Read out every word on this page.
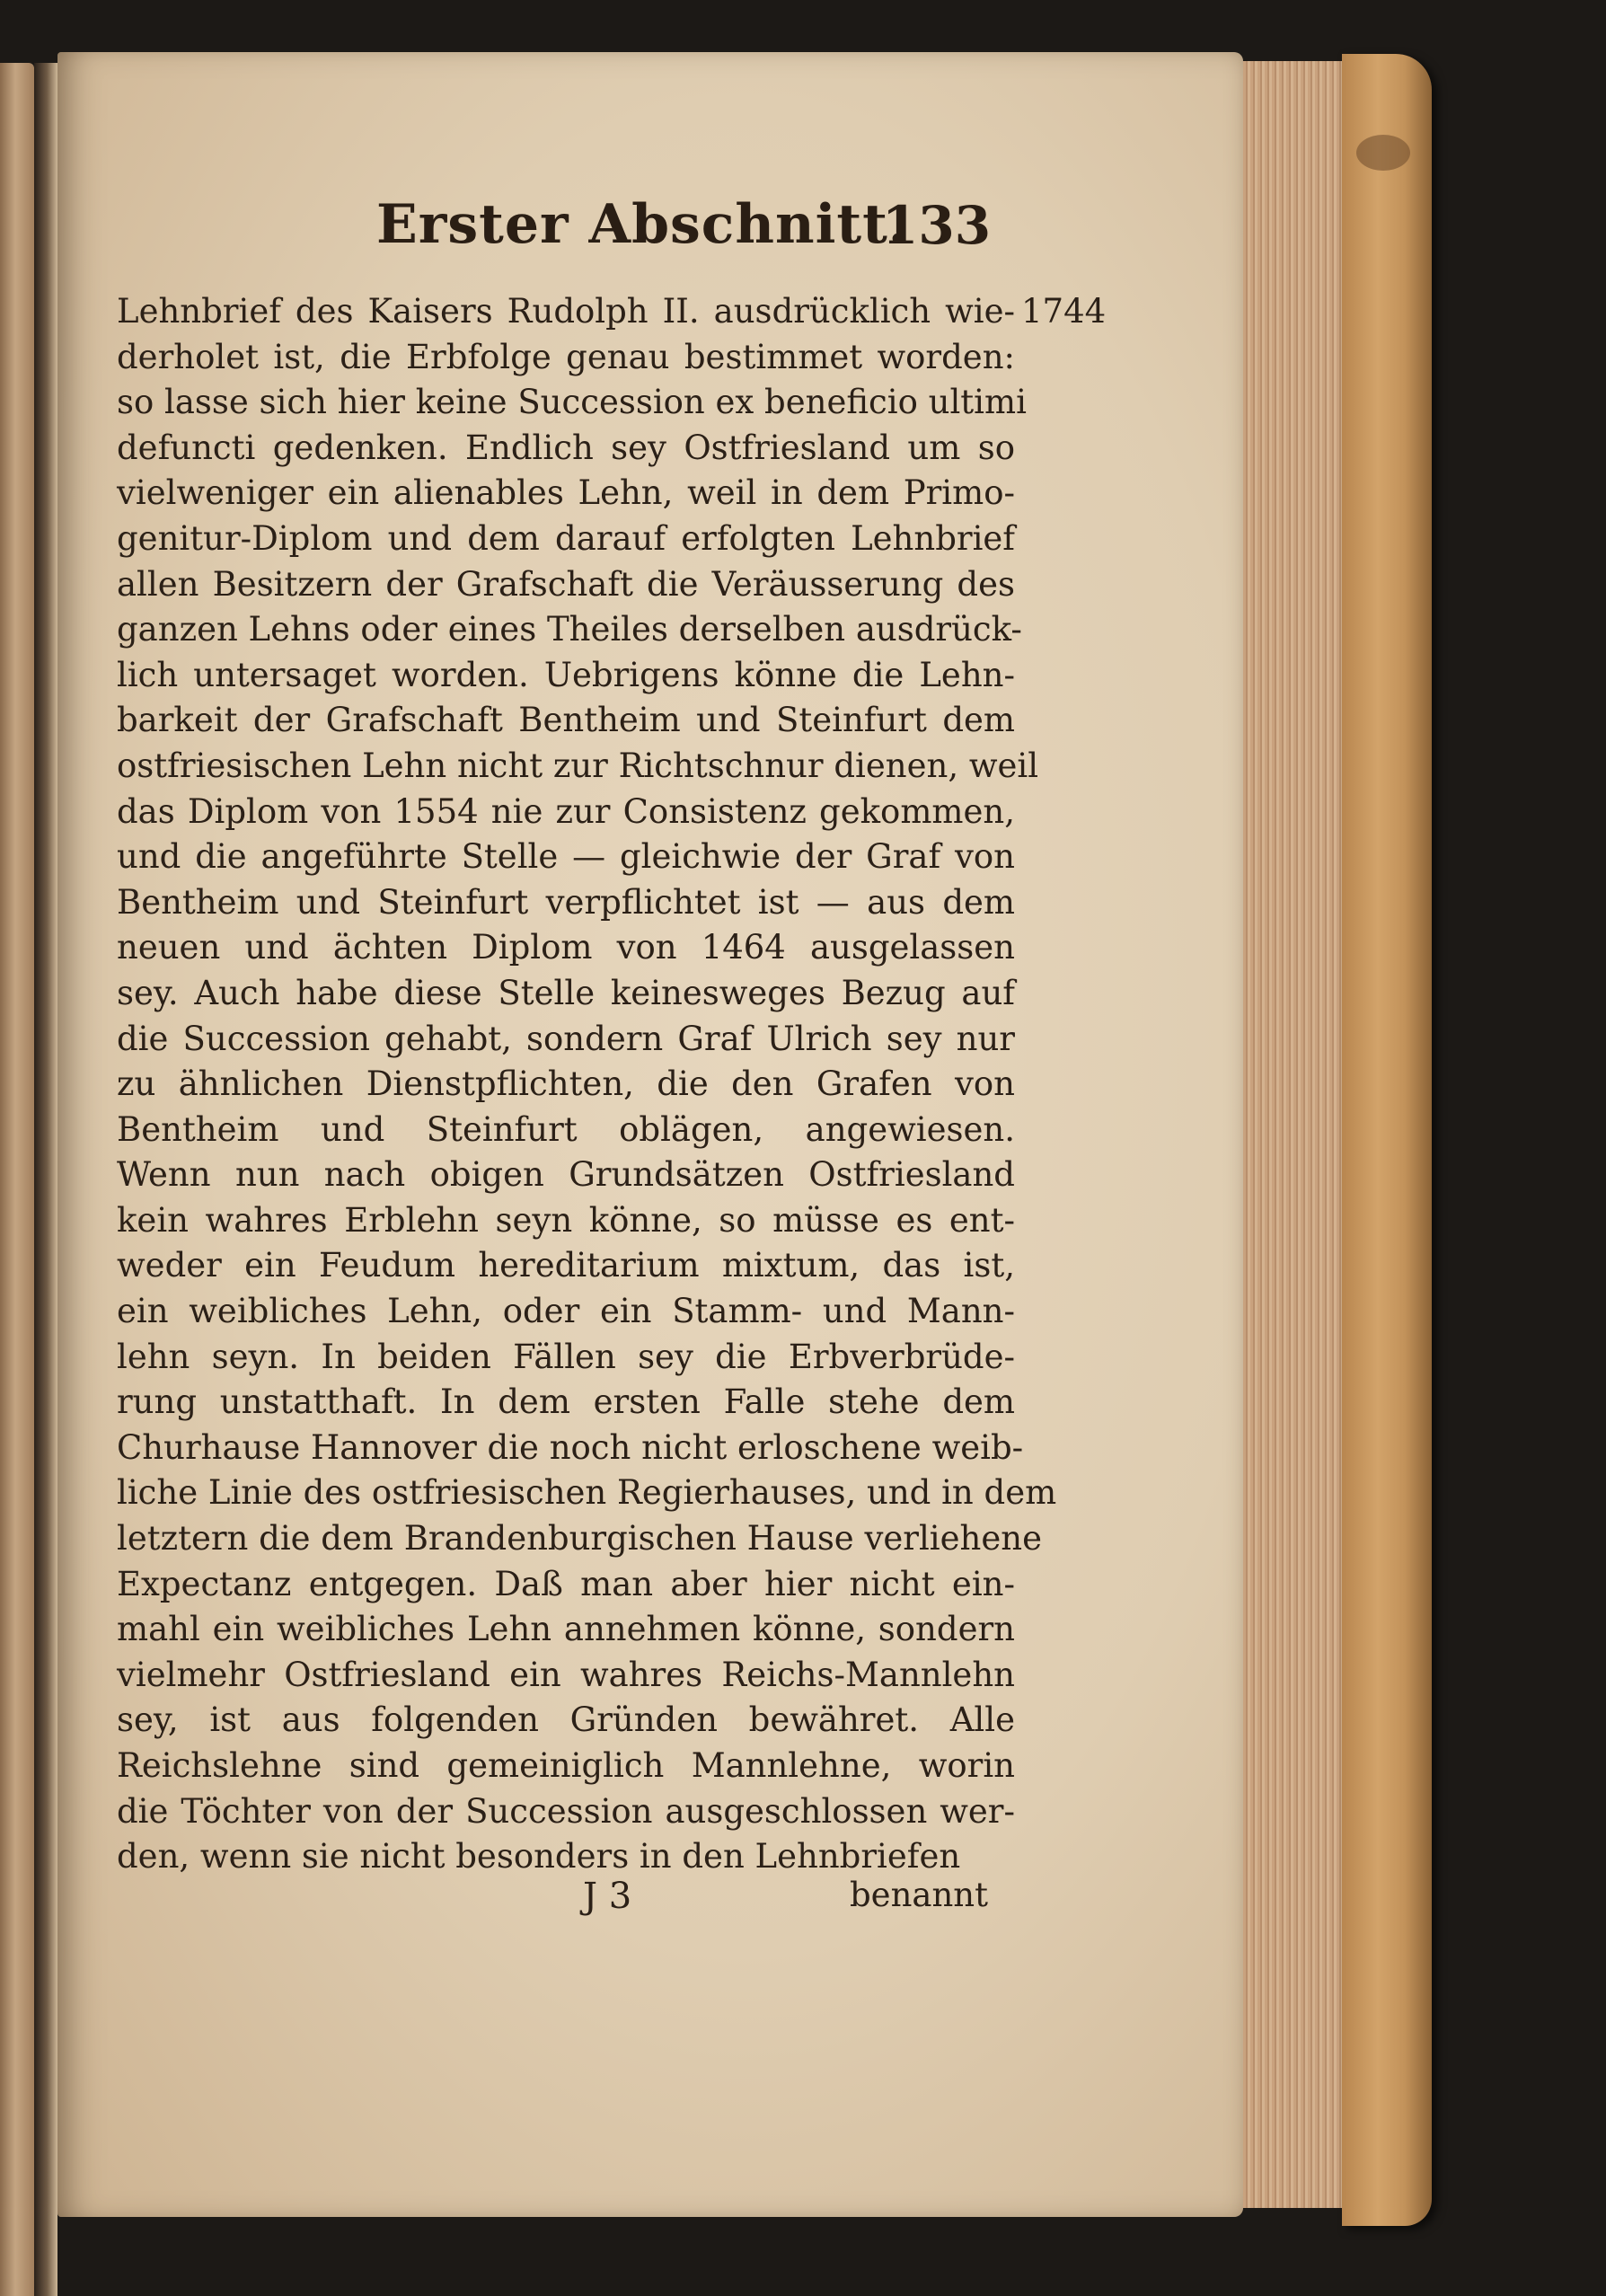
Erster Abschnitt.
133
Lehnbrief des Kaisers Rudolph II. ausdrücklich wie-
derholet ist, die Erbfolge genau bestimmet worden:
so lasse sich hier keine Succession ex beneficio ultimi
defuncti gedenken. Endlich sey Ostfriesland um so
vielweniger ein alienables Lehn, weil in dem Primo-
genitur-Diplom und dem darauf erfolgten Lehnbrief
allen Besitzern der Grafschaft die Veräusserung des
ganzen Lehns oder eines Theiles derselben ausdrück-
lich untersaget worden. Uebrigens könne die Lehn-
barkeit der Grafschaft Bentheim und Steinfurt dem
ostfriesischen Lehn nicht zur Richtschnur dienen, weil
das Diplom von 1554 nie zur Consistenz gekommen,
und die angeführte Stelle — gleichwie der Graf von
Bentheim und Steinfurt verpflichtet ist — aus dem
neuen und ächten Diplom von 1464 ausgelassen
sey. Auch habe diese Stelle keinesweges Bezug auf
die Succession gehabt, sondern Graf Ulrich sey nur
zu ähnlichen Dienstpflichten, die den Grafen von
Bentheim und Steinfurt oblägen, angewiesen.
Wenn nun nach obigen Grundsätzen Ostfriesland
kein wahres Erblehn seyn könne, so müsse es ent-
weder ein Feudum hereditarium mixtum, das ist,
ein weibliches Lehn, oder ein Stamm- und Mann-
lehn seyn. In beiden Fällen sey die Erbverbrüde-
rung unstatthaft. In dem ersten Falle stehe dem
Churhause Hannover die noch nicht erloschene weib-
liche Linie des ostfriesischen Regierhauses, und in dem
letztern die dem Brandenburgischen Hause verliehene
Expectanz entgegen. Daß man aber hier nicht ein-
mahl ein weibliches Lehn annehmen könne, sondern
vielmehr Ostfriesland ein wahres Reichs-Mannlehn
sey, ist aus folgenden Gründen bewähret. Alle
Reichslehne sind gemeiniglich Mannlehne, worin
die Töchter von der Succession ausgeschlossen wer-
den, wenn sie nicht besonders in den Lehnbriefen
1744
J 3	benannt
